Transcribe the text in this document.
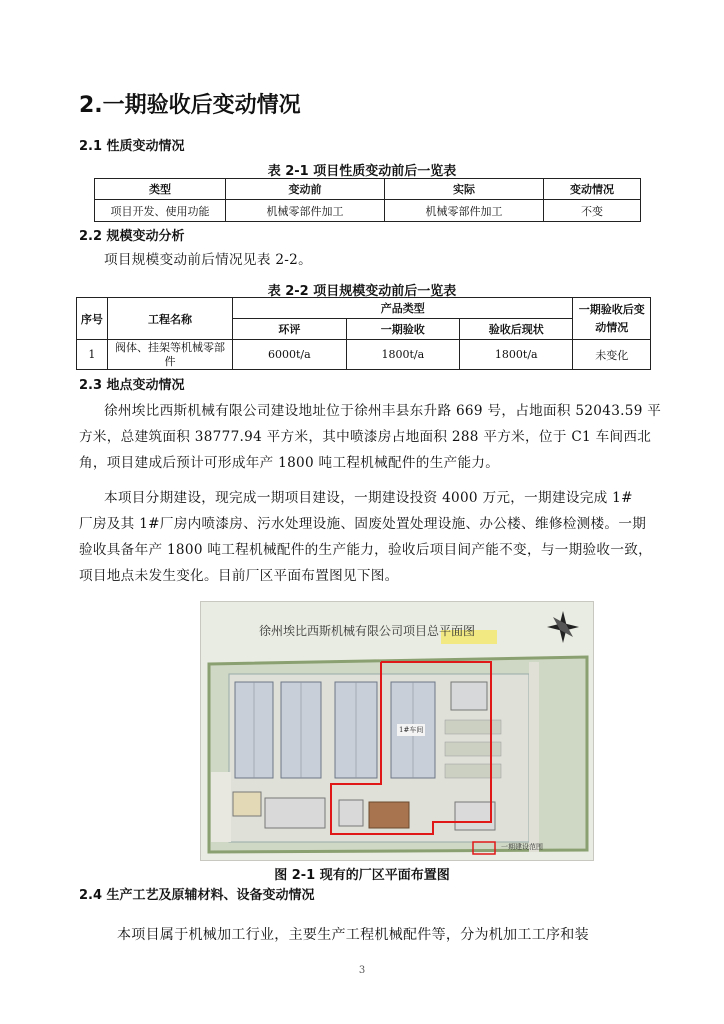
2.一期验收后变动情况
2.1 性质变动情况
表 2-1 项目性质变动前后一览表
类型	变动前	实际	变动情况
项目开发、使用功能	机械零部件加工	机械零部件加工	不变
2.2 规模变动分析
项目规模变动前后情况见表 2-2。
表 2-2 项目规模变动前后一览表
序号	工程名称	产品类型			一期验收后变动情况
		环评	一期验收	验收后现状	
1	阀体、挂架等机械零部件	6000t/a	1800t/a	1800t/a	未变化
2.3 地点变动情况
徐州埃比西斯机械有限公司建设地址位于徐州丰县东升路 669 号，占地面积 52043.59 平
方米，总建筑面积 38777.94 平方米，其中喷漆房占地面积 288 平方米，位于 C1 车间西北
角，项目建成后预计可形成年产 1800 吨工程机械配件的生产能力。
本项目分期建设，现完成一期项目建设，一期建设投资 4000 万元，一期建设完成 1#
厂房及其 1#厂房内喷漆房、污水处理设施、固废处置处理设施、办公楼、维修检测楼。一期
验收具备年产 1800 吨工程机械配件的生产能力，验收后项目间产能不变，与一期验收一致，
项目地点未发生变化。目前厂区平面布置图见下图。
徐州埃比西斯机械有限公司项目总平面图
1#车间
一期建设范围
图 2-1 现有的厂区平面布置图
2.4 生产工艺及原辅材料、设备变动情况
本项目属于机械加工行业，主要生产工程机械配件等，分为机加工工序和装
3
